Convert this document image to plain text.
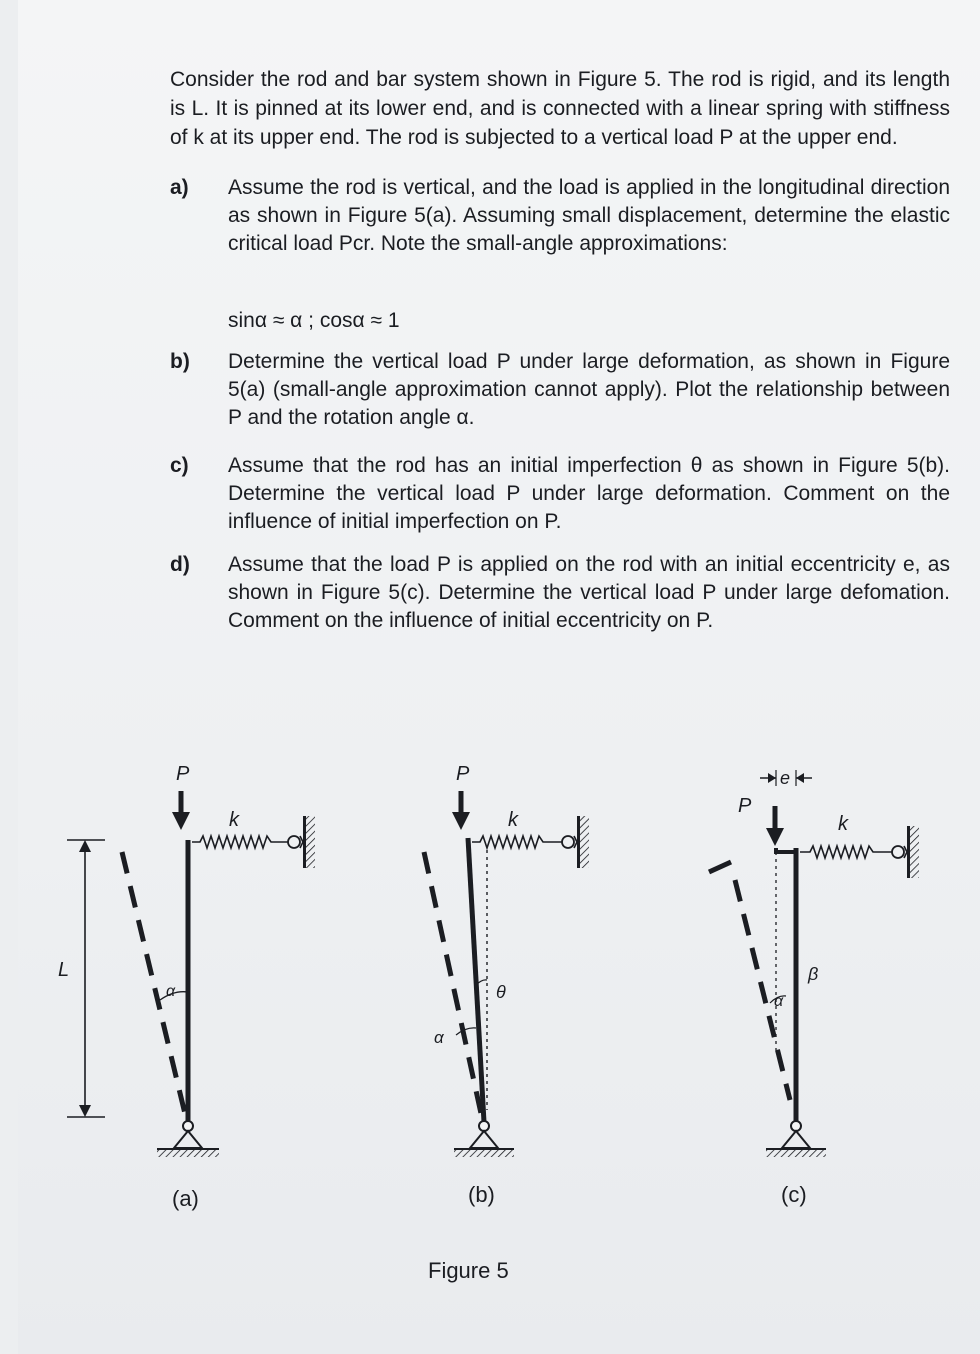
Consider the rod and bar system shown in Figure 5. The rod is rigid, and its length is L. It is pinned at its lower end, and is connected with a linear spring with stiffness of k at its upper end. The rod is subjected to a vertical load P at the upper end.

a) Assume the rod is vertical, and the load is applied in the longitudinal direction as shown in Figure 5(a). Assuming small displacement, determine the elastic critical load Pcr. Note the small-angle approximations:
sinα ≈ α ; cosα ≈ 1
b) Determine the vertical load P under large deformation, as shown in Figure 5(a) (small-angle approximation cannot apply). Plot the relationship between P and the rotation angle α.
c) Assume that the rod has an initial imperfection θ as shown in Figure 5(b). Determine the vertical load P under large deformation. Comment on the influence of initial imperfection on P.
d) Assume that the load P is applied on the rod with an initial eccentricity e, as shown in Figure 5(c). Determine the vertical load P under large defomation. Comment on the influence of initial eccentricity on P.
L
α
P
k
θ
α
P
k
e
P
α
β
k
(a)	(b)	(c)
Figure 5
